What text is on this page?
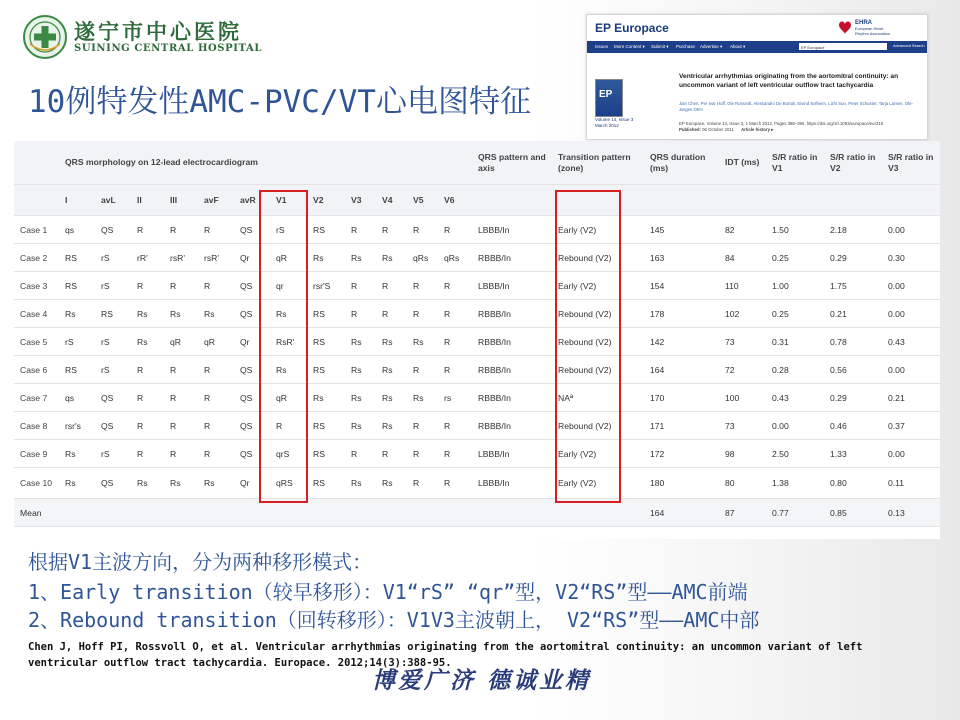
遂宁市中心医院
SUINING CENTRAL HOSPITAL
10例特发性AMC-PVC/VT心电图特征
EP Europace	EHRA
European Heart
Rhythm Association
Issues More Content ▾ Submit ▾ Purchase Advertise ▾ About ▾	EP Europace	Advanced Search
EP
Volume 14, Issue 3
March 2012
Ventricular arrhythmias originating from the aortomitral continuity: an uncommon variant of left ventricular outflow tract tachycardia
Jian Chen, Per Ivar Hoff, Ole Rossvoll, Alessandro De Bortoli, Eivind Solheim, Lizhi Sun, Peter Schuster, Tarja Larsen, Ole-Jørgen Ohm
EP Europace, Volume 14, Issue 3, 1 March 2012, Pages 388–395, https://doi.org/10.1093/europace/eur319
Published: 06 October 2011 Article history ▸
	QRS morphology on 12-lead electrocardiogram												QRS pattern and axis	Transition pattern (zone)	QRS duration (ms)	IDT (ms)	S/R ratio in V1	S/R ratio in V2	S/R ratio in V3
	I	avL	II	III	avF	avR	V1	V2	V3	V4	V5	V6							
Case 1	qs	QS	R	R	R	QS	rS	RS	R	R	R	R	LBBB/In	Early (V2)	145	82	1.50	2.18	0.00
Case 2	RS	rS	rR'	rsR'	rsR'	Qr	qR	Rs	Rs	Rs	qRs	qRs	RBBB/In	Rebound (V2)	163	84	0.25	0.29	0.30
Case 3	RS	rS	R	R	R	QS	qr	rsr'S	R	R	R	R	LBBB/In	Early (V2)	154	110	1.00	1.75	0.00
Case 4	Rs	RS	Rs	Rs	Rs	QS	Rs	RS	R	R	R	R	RBBB/In	Rebound (V2)	178	102	0.25	0.21	0.00
Case 5	rS	rS	Rs	qR	qR	Qr	RsR'	RS	Rs	Rs	Rs	R	RBBB/In	Rebound (V2)	142	73	0.31	0.78	0.43
Case 6	RS	rS	R	R	R	QS	Rs	RS	Rs	Rs	R	R	RBBB/In	Rebound (V2)	164	72	0.28	0.56	0.00
Case 7	qs	QS	R	R	R	QS	qR	Rs	Rs	Rs	Rs	rs	RBBB/In	NAª	170	100	0.43	0.29	0.21
Case 8	rsr's	QS	R	R	R	QS	R	RS	Rs	Rs	R	R	RBBB/In	Rebound (V2)	171	73	0.00	0.46	0.37
Case 9	Rs	rS	R	R	R	QS	qrS	RS	R	R	R	R	LBBB/In	Early (V2)	172	98	2.50	1.33	0.00
Case 10	Rs	QS	Rs	Rs	Rs	Qr	qRS	RS	Rs	Rs	R	R	LBBB/In	Early (V2)	180	80	1.38	0.80	0.11
Mean															164	87	0.77	0.85	0.13
根据V1主波方向，分为两种移形模式：
1、Early transition（较早移形）：V1“rS” “qr”型，V2“RS”型——AMC前端
2、Rebound transition（回转移形）：V1V3主波朝上， V2“RS”型——AMC中部
Chen J, Hoff PI, Rossvoll O, et al. Ventricular arrhythmias originating from the aortomitral continuity: an uncommon variant of left ventricular outflow tract tachycardia. Europace. 2012;14(3):388-95.
博爱广济 德诚业精
